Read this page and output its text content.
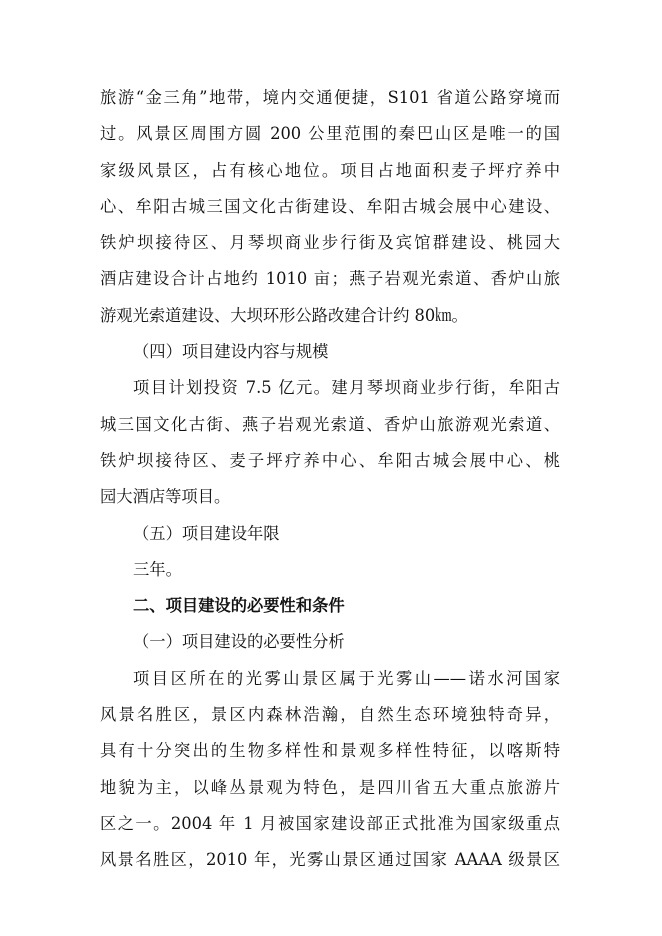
旅游“金三角”地带，境内交通便捷，S101 省道公路穿境而
过。风景区周围方圆 200 公里范围的秦巴山区是唯一的国
家级风景区，占有核心地位。项目占地面积麦子坪疗养中
心、牟阳古城三国文化古街建设、牟阳古城会展中心建设、
铁炉坝接待区、月琴坝商业步行街及宾馆群建设、桃园大
酒店建设合计占地约 1010 亩；燕子岩观光索道、香炉山旅
游观光索道建设、大坝环形公路改建合计约 80㎞。
（四）项目建设内容与规模
项目计划投资 7.5 亿元。建月琴坝商业步行街，牟阳古
城三国文化古街、燕子岩观光索道、香炉山旅游观光索道、
铁炉坝接待区、麦子坪疗养中心、牟阳古城会展中心、桃
园大酒店等项目。
（五）项目建设年限
三年。
二、项目建设的必要性和条件
（一）项目建设的必要性分析
项目区所在的光雾山景区属于光雾山——诺水河国家
风景名胜区，景区内森林浩瀚，自然生态环境独特奇异，
具有十分突出的生物多样性和景观多样性特征，以喀斯特
地貌为主，以峰丛景观为特色，是四川省五大重点旅游片
区之一。2004 年 1 月被国家建设部正式批准为国家级重点
风景名胜区，2010 年，光雾山景区通过国家 AAAA 级景区
